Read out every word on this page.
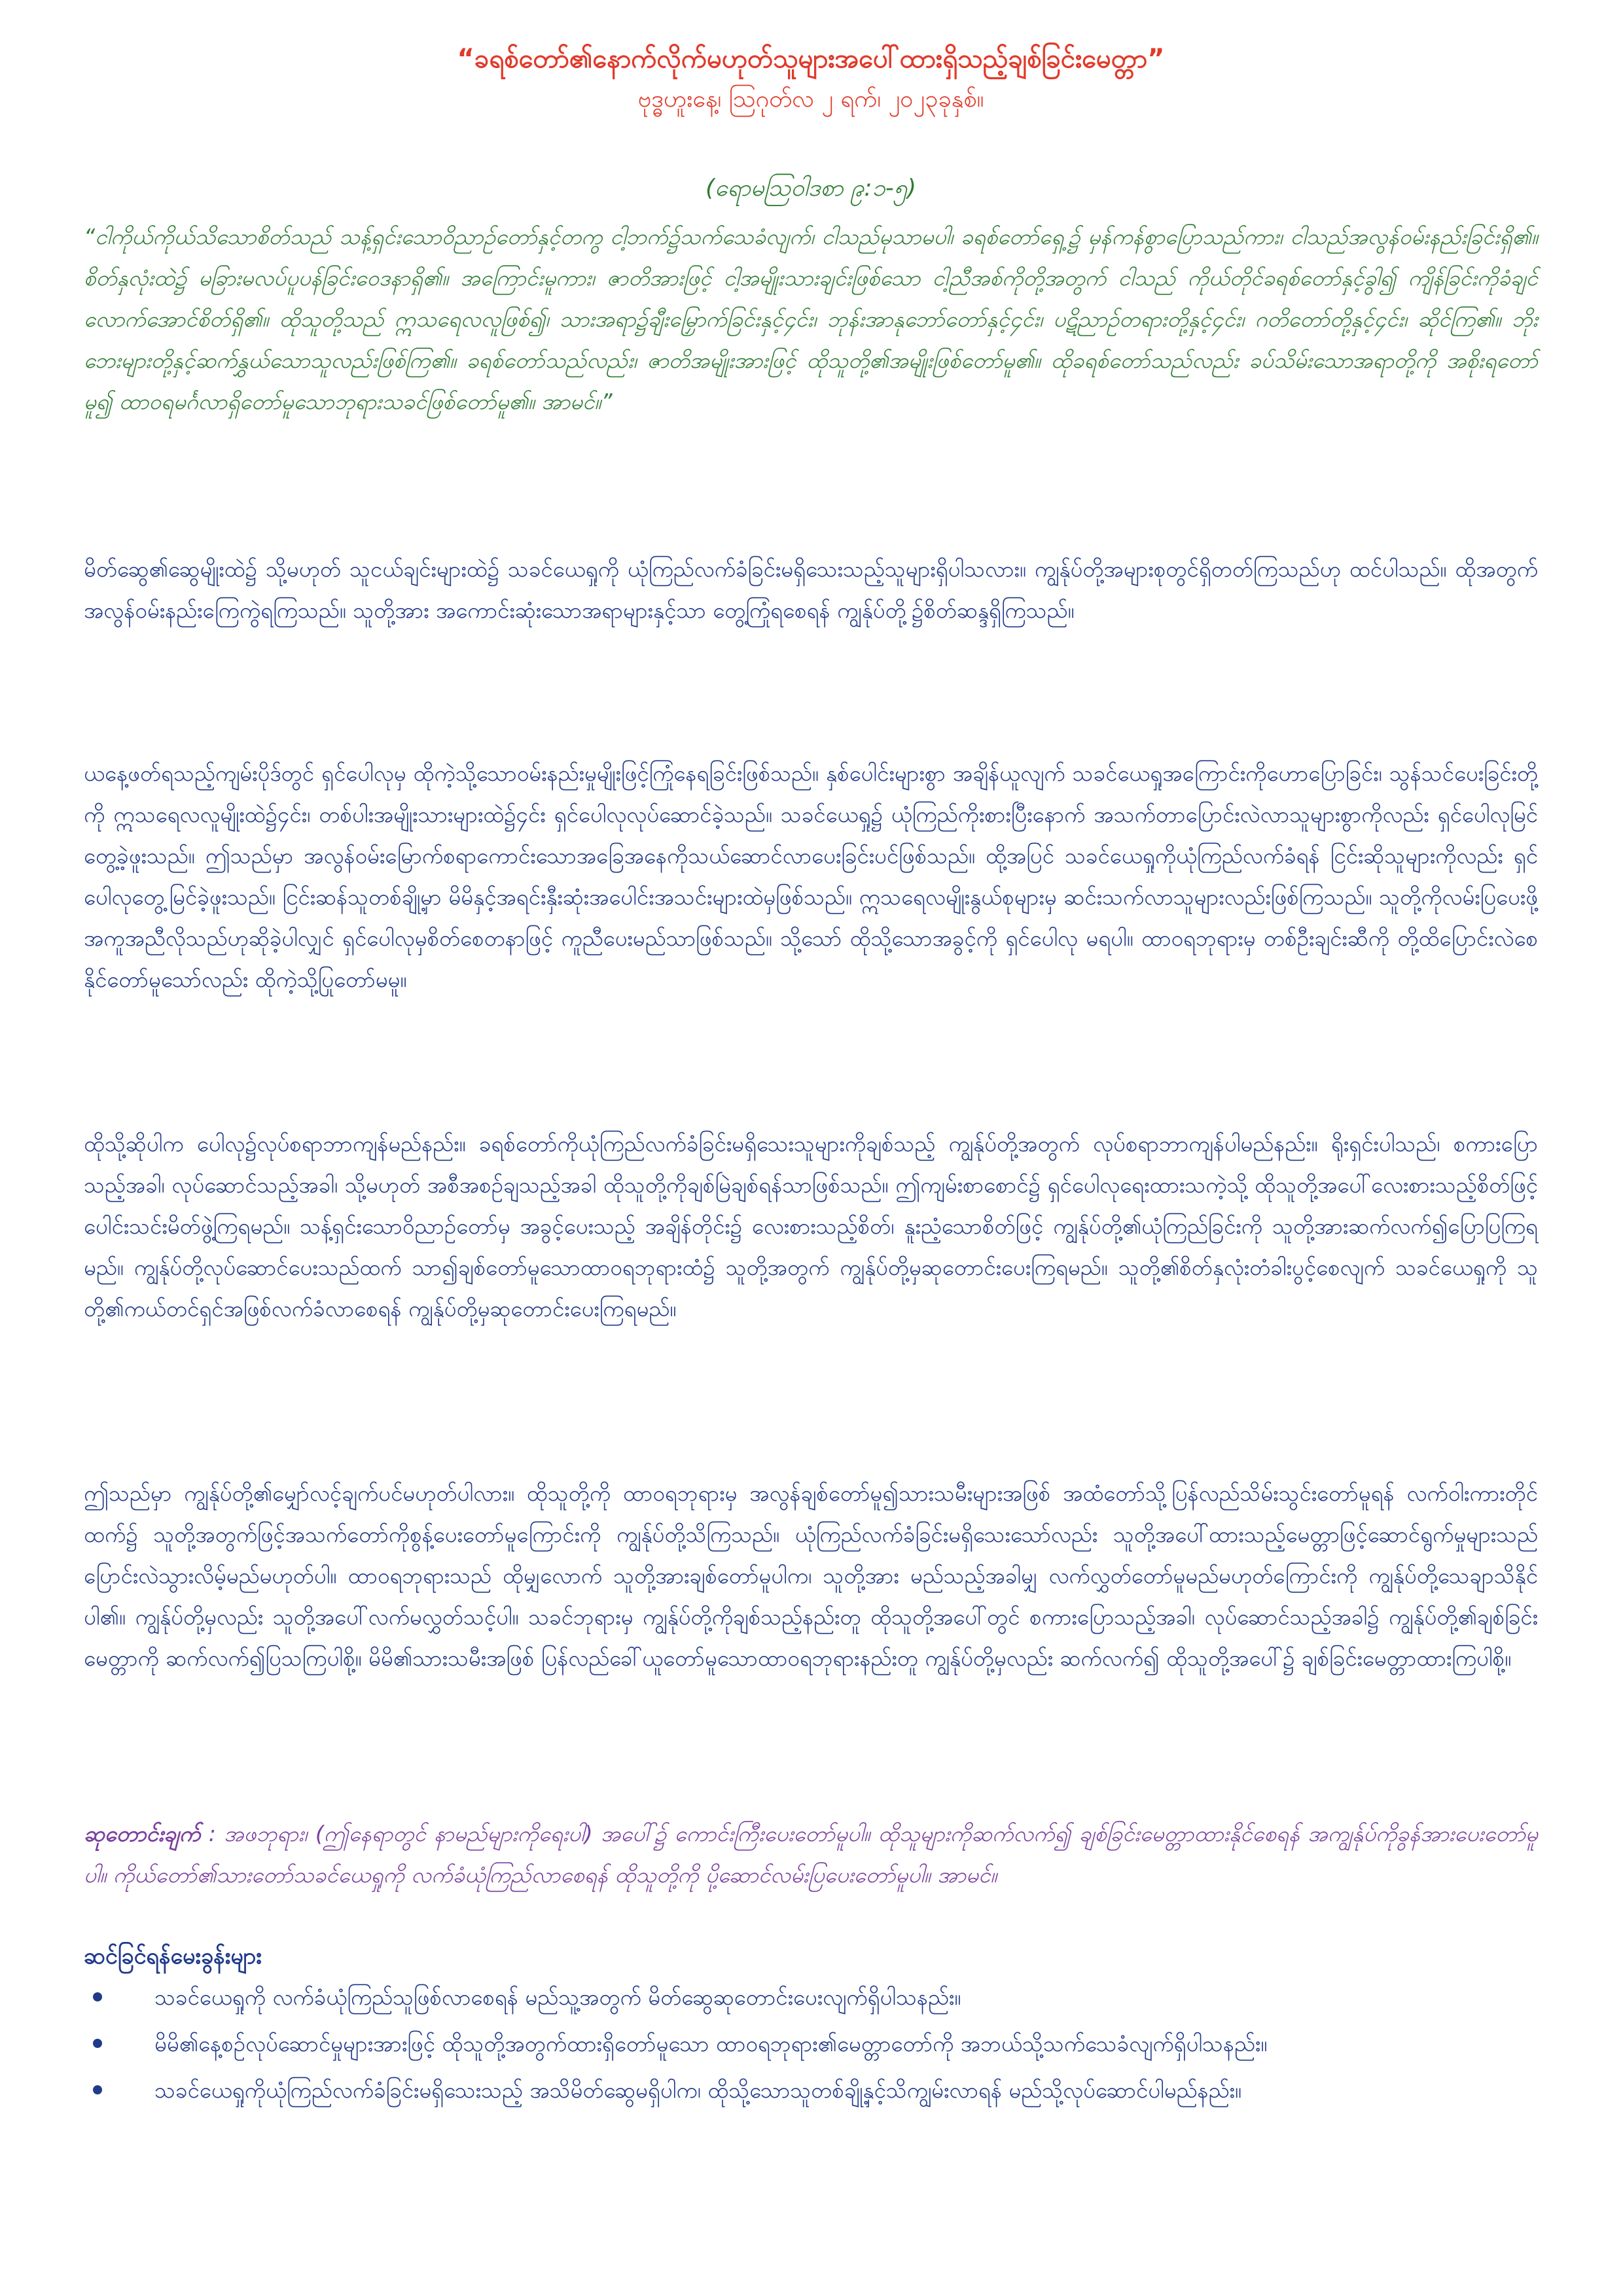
“ခရစ်တော်၏နောက်လိုက်မဟုတ်သူများအပေါ်ထားရှိသည့်ချစ်ခြင်းမေတ္တာ”
ဗုဒ္ဓဟူးနေ့၊ ဩဂုတ်လ ၂ ရက်၊ ၂၀၂၃ခုနှစ်။
(ရောမဩဝါဒစာ ၉:၁-၅)
“ငါကိုယ်ကိုယ်သိသောစိတ်သည် သန့်ရှင်းသောဝိညာဉ်တော်နှင့်တကွ ငါ့ဘက်၌သက်သေခံလျက်၊ ငါသည်မုသာမပါ၊ ခရစ်တော်ရှေ့၌ မှန်ကန်စွာပြောသည်ကား၊ ငါသည်အလွန်ဝမ်းနည်းခြင်းရှိ၏။ စိတ်နှလုံးထဲ၌ မခြားမလပ်ပူပန်ခြင်းဝေဒနာရှိ၏။ အကြောင်းမူကား၊ ဇာတိအားဖြင့် ငါ့အမျိုးသားချင်းဖြစ်သော ငါ့ညီအစ်ကိုတို့အတွက် ငါသည် ကိုယ်တိုင်ခရစ်တော်နှင့်ခွါ၍ ကျိန်ခြင်းကိုခံချင်လောက်အောင်စိတ်ရှိ၏။ ထိုသူတို့သည် ဣသရေလလူဖြစ်၍၊ သားအရာ၌ချီးမြှောက်ခြင်းနှင့်၄င်း၊ ဘုန်းအာနုဘော်တော်နှင့်၄င်း၊ ပဋိညာဉ်တရားတို့နှင့်၄င်း၊ ဂတိတော်တို့နှင့်၄င်း၊ ဆိုင်ကြ၏။ ဘိုးဘေးများတို့နှင့်ဆက်နွှယ်သောသူလည်းဖြစ်ကြ၏။ ခရစ်တော်သည်လည်း၊ ဇာတိအမျိုးအားဖြင့် ထိုသူတို့၏အမျိုးဖြစ်တော်မူ၏။ ထိုခရစ်တော်သည်လည်း ခပ်သိမ်းသောအရာတို့ကို အစိုးရတော်မူ၍ ထာဝရမင်္ဂလာရှိတော်မူသောဘုရားသခင်ဖြစ်တော်မူ၏။ အာမင်။”
မိတ်ဆွေ၏ဆွေမျိုးထဲ၌ သို့မဟုတ် သူငယ်ချင်းများထဲ၌ သခင်ယေရှုကို ယုံကြည်လက်ခံခြင်းမရှိသေးသည့်သူများရှိပါသလား။ ကျွန်ုပ်တို့အများစုတွင်ရှိတတ်ကြသည်ဟု ထင်ပါသည်။ ထိုအတွက် အလွန်ဝမ်းနည်းကြေကွဲရကြသည်။ သူတို့အား အကောင်းဆုံးသောအရာများနှင့်သာ တွေ့ကြုံရစေရန် ကျွန်ုပ်တို့၌စိတ်ဆန္ဒရှိကြသည်။
ယနေ့ဖတ်ရသည့်ကျမ်းပိုဒ်တွင် ရှင်ပေါလုမှ ထိုကဲ့သို့သောဝမ်းနည်းမှုမျိုးဖြင့်ကြုံနေရခြင်းဖြစ်သည်။ နှစ်ပေါင်းများစွာ အချိန်ယူလျက် သခင်ယေရှုအကြောင်းကိုဟောပြောခြင်း၊ သွန်သင်ပေးခြင်းတို့ကို ဣသရေလလူမျိုးထဲ၌၄င်း၊ တစ်ပါးအမျိုးသားများထဲ၌၄င်း ရှင်ပေါလုလုပ်ဆောင်ခဲ့သည်။ သခင်ယေရှု၌ ယုံကြည်ကိုးစားပြီးနောက် အသက်တာပြောင်းလဲလာသူများစွာကိုလည်း ရှင်ပေါလုမြင်တွေ့ခဲ့ဖူးသည်။ ဤသည်မှာ အလွန်ဝမ်းမြောက်စရာကောင်းသောအခြေအနေကိုသယ်ဆောင်လာပေးခြင်းပင်ဖြစ်သည်။ ထို့အပြင် သခင်ယေရှုကိုယုံကြည်လက်ခံရန် ငြင်းဆိုသူများကိုလည်း ရှင်ပေါလုတွေ့မြင်ခဲ့ဖူးသည်။ ငြင်းဆန်သူတစ်ချို့မှာ မိမိနှင့်အရင်းနှီးဆုံးအပေါင်းအသင်းများထဲမှဖြစ်သည်။ ဣသရေလမျိုးနွယ်စုများမှ ဆင်းသက်လာသူများလည်းဖြစ်ကြသည်။ သူတို့ကိုလမ်းပြပေးဖို့ အကူအညီလိုသည်ဟုဆိုခဲ့ပါလျှင် ရှင်ပေါလုမှစိတ်စေတနာဖြင့် ကူညီပေးမည်သာဖြစ်သည်။ သို့သော် ထိုသို့သောအခွင့်ကို ရှင်ပေါလု မရပါ။ ထာဝရဘုရားမှ တစ်ဦးချင်းဆီကို တို့ထိပြောင်းလဲစေနိုင်တော်မူသော်လည်း ထိုကဲ့သို့ပြုတော်မမူ။
ထိုသို့ဆိုပါက ပေါလု၌လုပ်စရာဘာကျန်မည်နည်း။ ခရစ်တော်ကိုယုံကြည်လက်ခံခြင်းမရှိသေးသူများကိုချစ်သည့် ကျွန်ုပ်တို့အတွက် လုပ်စရာဘာကျန်ပါမည်နည်း။ ရိုးရှင်းပါသည်၊ စကားပြောသည့်အခါ၊ လုပ်ဆောင်သည့်အခါ၊ သို့မဟုတ် အစီအစဉ်ချသည့်အခါ ထိုသူတို့ကိုချစ်မြဲချစ်ရန်သာဖြစ်သည်။ ဤကျမ်းစာစောင်၌ ရှင်ပေါလုရေးထားသကဲ့သို့ ထိုသူတို့အပေါ်လေးစားသည့်စိတ်ဖြင့် ပေါင်းသင်းမိတ်ဖွဲ့ကြရမည်။ သန့်ရှင်းသောဝိညာဉ်တော်မှ အခွင့်ပေးသည့် အချိန်တိုင်း၌ လေးစားသည့်စိတ်၊ နူးညံ့သောစိတ်ဖြင့် ကျွန်ုပ်တို့၏ယုံကြည်ခြင်းကို သူတို့အားဆက်လက်၍ပြောပြကြရမည်။ ကျွန်ုပ်တို့လုပ်ဆောင်ပေးသည်ထက် သာ၍ချစ်တော်မူသောထာဝရဘုရားထံ၌ သူတို့အတွက် ကျွန်ုပ်တို့မှဆုတောင်းပေးကြရမည်။ သူတို့၏စိတ်နှလုံးတံခါးပွင့်စေလျက် သခင်ယေရှုကို သူတို့၏ကယ်တင်ရှင်အဖြစ်လက်ခံလာစေရန် ကျွန်ုပ်တို့မှဆုတောင်းပေးကြရမည်။
ဤသည်မှာ ကျွန်ုပ်တို့၏မျှော်လင့်ချက်ပင်မဟုတ်ပါလား။ ထိုသူတို့ကို ထာဝရဘုရားမှ အလွန်ချစ်တော်မူ၍သားသမီးများအဖြစ် အထံတော်သို့ပြန်လည်သိမ်းသွင်းတော်မူရန် လက်ဝါးကားတိုင်ထက်၌ သူတို့အတွက်ဖြင့်အသက်တော်ကိုစွန့်ပေးတော်မူကြောင်းကို ကျွန်ုပ်တို့သိကြသည်။ ယုံကြည်လက်ခံခြင်းမရှိသေးသော်လည်း သူတို့အပေါ်ထားသည့်မေတ္တာဖြင့်ဆောင်ရွက်မှုများသည် ပြောင်းလဲသွားလိမ့်မည်မဟုတ်ပါ။ ထာဝရဘုရားသည် ထိုမျှလောက် သူတို့အားချစ်တော်မူပါက၊ သူတို့အား မည်သည့်အခါမျှ လက်လွှတ်တော်မူမည်မဟုတ်ကြောင်းကို ကျွန်ုပ်တို့သေချာသိနိုင်ပါ၏။ ကျွန်ုပ်တို့မှလည်း သူတို့အပေါ်လက်မလွှတ်သင့်ပါ။ သခင်ဘုရားမှ ကျွန်ုပ်တို့ကိုချစ်သည့်နည်းတူ ထိုသူတို့အပေါ်တွင် စကားပြောသည့်အခါ၊ လုပ်ဆောင်သည့်အခါ၌ ကျွန်ုပ်တို့၏ချစ်ခြင်းမေတ္တာကို ဆက်လက်၍ပြသကြပါစို့။ မိမိ၏သားသမီးအဖြစ် ပြန်လည်ခေါ်ယူတော်မူသောထာဝရဘုရားနည်းတူ ကျွန်ုပ်တို့မှလည်း ဆက်လက်၍ ထိုသူတို့အပေါ်၌ ချစ်ခြင်းမေတ္တာထားကြပါစို့။
ဆုတောင်းချက် : အဖဘုရား၊ (ဤနေရာတွင် နာမည်များကိုရေးပါ) အပေါ်၌ ကောင်းကြီးပေးတော်မူပါ။ ထိုသူများကိုဆက်လက်၍ ချစ်ခြင်းမေတ္တာထားနိုင်စေရန် အကျွန်ုပ်ကိုခွန်အားပေးတော်မူပါ။ ကိုယ်တော်၏သားတော်သခင်ယေရှုကို လက်ခံယုံကြည်လာစေရန် ထိုသူတို့ကို ပို့ဆောင်လမ်းပြပေးတော်မူပါ။ အာမင်။
ဆင်ခြင်ရန်မေးခွန်းများ
သခင်ယေရှုကို လက်ခံယုံကြည်သူဖြစ်လာစေရန် မည်သူ့အတွက် မိတ်ဆွေဆုတောင်းပေးလျက်ရှိပါသနည်း။
မိမိ၏နေ့စဉ်လုပ်ဆောင်မှုများအားဖြင့် ထိုသူတို့အတွက်ထားရှိတော်မူသော ထာဝရဘုရား၏မေတ္တာတော်ကို အဘယ်သို့သက်သေခံလျက်ရှိပါသနည်း။
သခင်ယေရှုကိုယုံကြည်လက်ခံခြင်းမရှိသေးသည့် အသိမိတ်ဆွေမရှိပါက၊ ထိုသို့သောသူတစ်ချို့နှင့်သိကျွမ်းလာရန် မည်သို့လုပ်ဆောင်ပါမည်နည်း။
